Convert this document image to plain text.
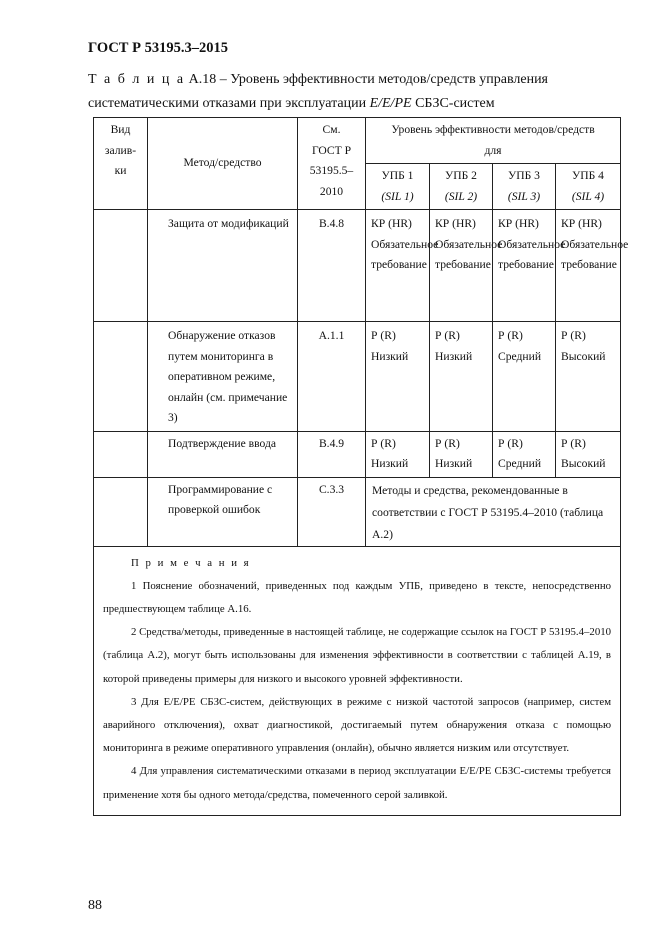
ГОСТ Р 53195.3–2015
Т а б л и ц а А.18 – Уровень эффективности методов/средств управления систематическими отказами при эксплуатации Е/Е/РЕ СБЗС-систем
Вид
залив-
ки	Метод/средство	См.
ГОСТ Р
53195.5–
2010	Уровень эффективности методов/средств
для			
			УПБ 1
(SIL 1)	УПБ 2
(SIL 2)	УПБ 3
(SIL 3)	УПБ 4
(SIL 4)
	Защита от модификаций	В.4.8	КР (HR)
Обязательное требование	КР (HR)
Обязательное требование	КР (HR)
Обязательное требование	КР (HR)
Обязательное требование
	Обнаружение отказов путем мониторинга в оперативном режиме, онлайн (см. примечание 3)	А.1.1	Р (R)
Низкий	Р (R)
Низкий	Р (R)
Средний	Р (R)
Высокий
	Подтверждение ввода	В.4.9	Р (R)
Низкий	Р (R)
Низкий	Р (R)
Средний	Р (R)
Высокий
	Программирование с проверкой ошибок	С.3.3	Методы и средства, рекомендованные в соответствии с ГОСТ Р 53195.4–2010 (таблица А.2)			

П р и м е ч а н и я

1 Пояснение обозначений, приведенных под каждым УПБ, приведено в тексте, непосредственно предшествующем таблице А.16.

2 Средства/методы, приведенные в настоящей таблице, не содержащие ссылок на ГОСТ Р 53195.4–2010 (таблица А.2), могут быть использованы для изменения эффективности в соответствии с таблицей А.19, в которой приведены примеры для низкого и высокого уровней эффективности.

3 Для Е/Е/РЕ СБЗС-систем, действующих в режиме с низкой частотой запросов (например, систем аварийного отключения), охват диагностикой, достигаемый путем обнаружения отказа с помощью мониторинга в режиме оперативного управления (онлайн), обычно является низким или отсутствует.

4 Для управления систематическими отказами в период эксплуатации Е/Е/РЕ СБЗС-системы требуется применение хотя бы одного метода/средства, помеченного серой заливкой.						

88
